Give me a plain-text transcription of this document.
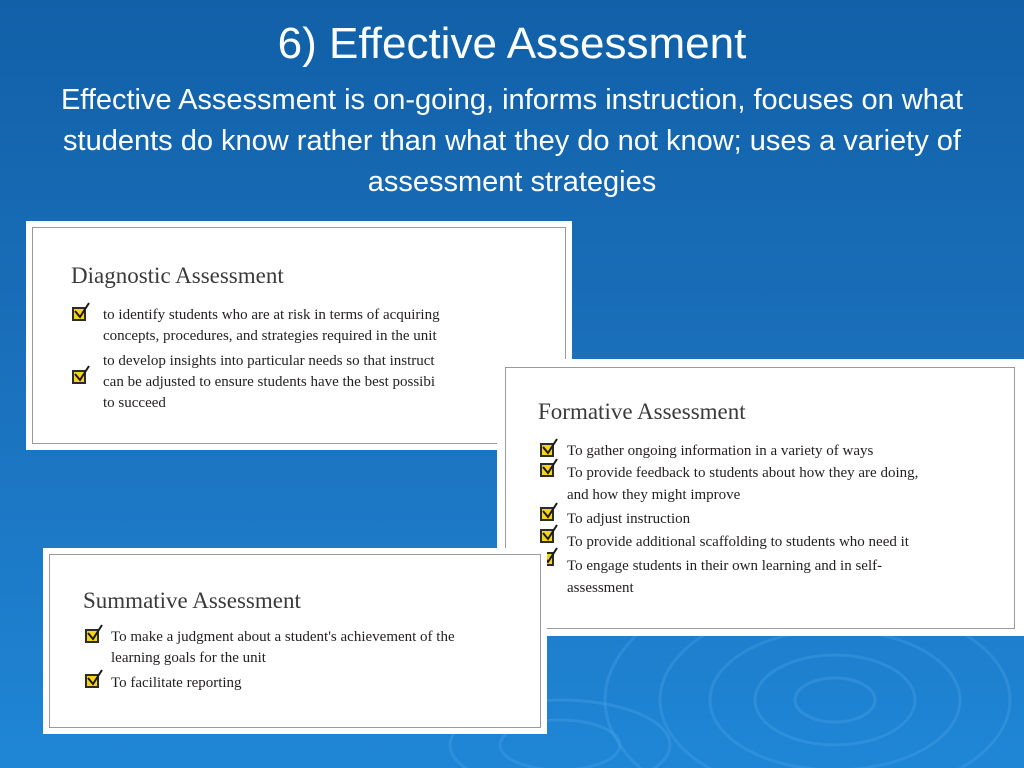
6) Effective Assessment
Effective Assessment is on-going, informs instruction, focuses on what students do know rather than what they do not know; uses a variety of assessment strategies
Diagnostic Assessment
to identify students who are at risk in terms of acquiring
concepts, procedures, and strategies required in the unit
to develop insights into particular needs so that instruct
can be adjusted to ensure students have the best possibi
to succeed	Formative Assessment
To gather ongoing information in a variety of ways
To provide feedback to students about how they are doing,
and how they might improve
To adjust instruction
To provide additional scaffolding to students who need it
To engage students in their own learning and in self-
assessment
Summative Assessment
To make a judgment about a student's achievement of the
learning goals for the unit
To facilitate reporting
